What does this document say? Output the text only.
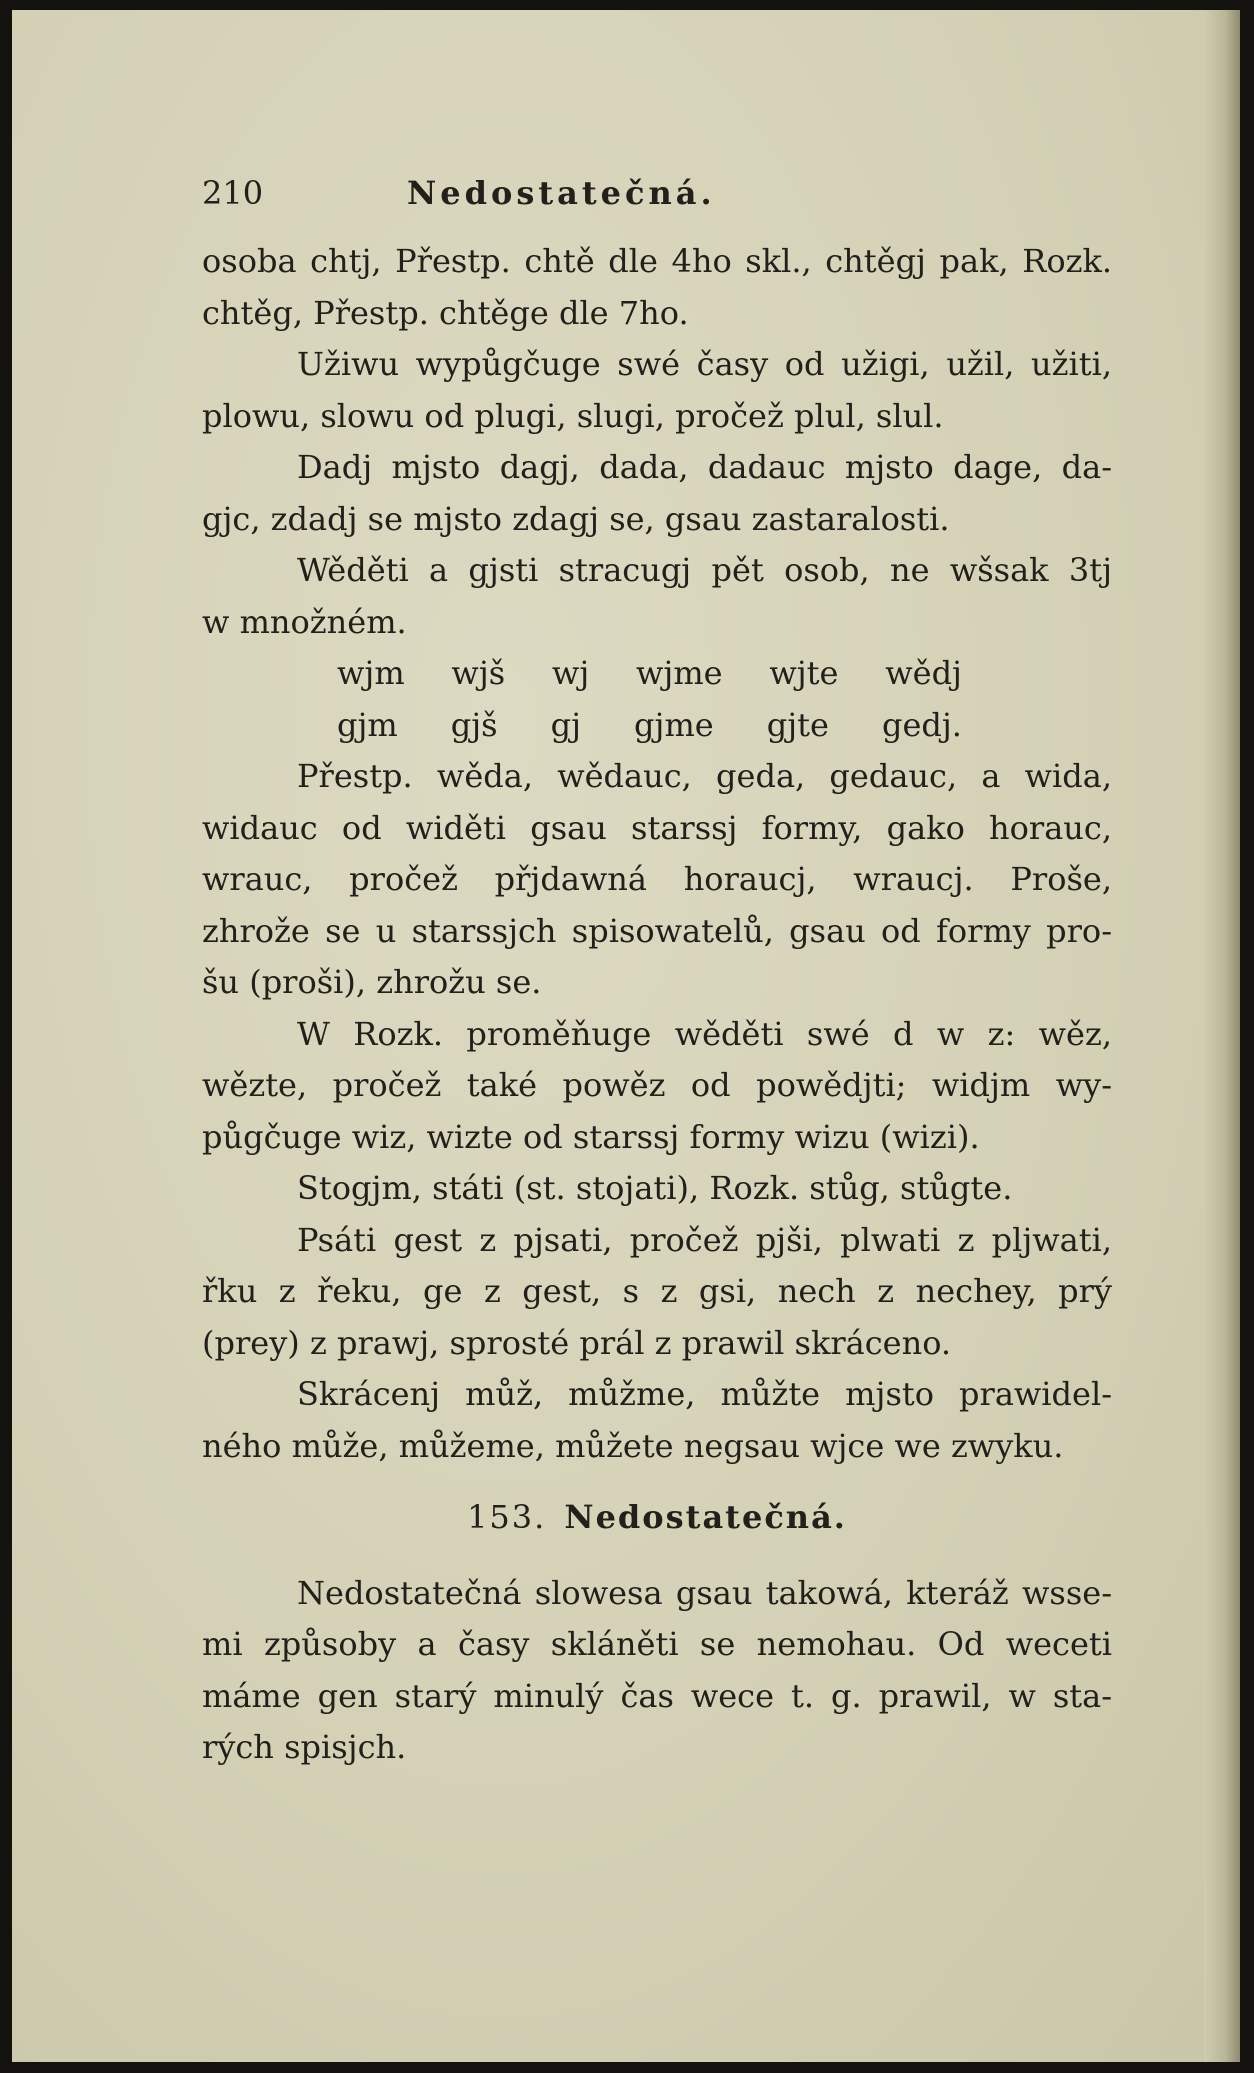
210	Nedostatečná.
osoba chtj, Přestp. chtě dle 4ho skl., chtěgj pak, Rozk.
chtěg, Přestp. chtěge dle 7ho.
Užiwu wypůgčuge swé časy od užigi, užil, užiti,
plowu, slowu od plugi, slugi, pročež plul, slul.
Dadj mjsto dagj, dada, dadauc mjsto dage, da-
gjc, zdadj se mjsto zdagj se, gsau zastaralosti.
Wěděti a gjsti stracugj pět osob, ne wšsak 3tj
w množném.
wjm wjš wj wjme wjte wědj
gjm gjš gj gjme gjte gedj.
Přestp. wěda, wědauc, geda, gedauc, a wida,
widauc od widěti gsau starssj formy, gako horauc,
wrauc, pročež přjdawná horaucj, wraucj. Proše,
zhrože se u starssjch spisowatelů, gsau od formy pro-
šu (proši), zhrožu se.
W Rozk. proměňuge wěděti swé d w z: wěz,
wězte, pročež také powěz od powědjti; widjm wy-
půgčuge wiz, wizte od starssj formy wizu (wizi).
Stogjm, státi (st. stojati), Rozk. stůg, stůgte.
Psáti gest z pjsati, pročež pjši, plwati z pljwati,
řku z řeku, ge z gest, s z gsi, nech z nechey, prý
(prey) z prawj, sprosté prál z prawil skráceno.
Skrácenj můž, můžme, můžte mjsto prawidel-
ného může, můžeme, můžete negsau wjce we zwyku.
153. Nedostatečná.
Nedostatečná slowesa gsau takowá, kteráž wsse-
mi způsoby a časy skláněti se nemohau. Od weceti
máme gen starý minulý čas wece t. g. prawil, w sta-
rých spisjch.
